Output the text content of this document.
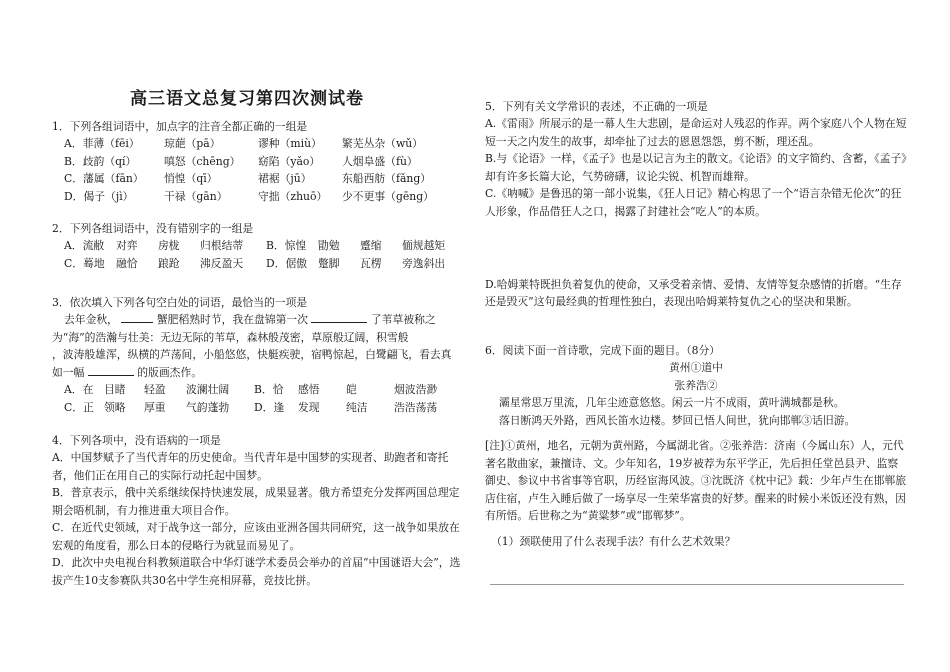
高三语文总复习第四次测试卷

1．下列各组词语中，加点字的注音全都正确的一组是

A．菲薄（fēi）	琼葩（pā）	谬种（miù）	繁芜丛杂（wǔ）
B．歧韵（qí）	嗔怒（chēng）	窈陷（yǎo）	人烟阜盛（fù）
C．藩属（fān）	悄惶（qī）	裙裾（jū）	东船西舫（fǎng）
D．偈子（jì）	干禄（gān）	守拙（zhuō）	少不更事（gēng）

2．下列各组词语中，没有错别字的一组是

A．流敝	对弈	房栊	归根结蒂	B．惊惶	勖勉	蹙缩	偭规越矩
C．蓦地	融恰	踉跄	沸反盈天	D．倨傲	蹩脚	瓦楞	旁逸斜出

3．依次填入下列各句空白处的词语，最恰当的一项是

去年金秋，	蟹肥稻熟时节，我在盘锦第一次	了苇草被称之

为“海”的浩瀚与壮美：无边无际的苇草，森林般茂密，草原般辽阔，积雪般

，波涛般雄浑，纵横的芦荡间，小船悠悠，快艇疾驶，宿鸭惊起，白鹭翩飞，看去真

如一幅	的版画杰作。

A．在 目睹	轻盈	波澜壮阔	B．恰	感悟	皑	烟波浩渺
C．正 领略	厚重	气韵蓬勃	D．逢	发现	纯洁	浩浩荡荡

4．下列各项中，没有语病的一项是

A．中国梦赋予了当代青年的历史使命。当代青年是中国梦的实现者、助跑者和寄托者，他们正在用自己的实际行动托起中国梦。

B．普京表示，俄中关系继续保持快速发展，成果显著。俄方希望充分发挥两国总理定期会晤机制，有力推进重大项目合作。

C．在近代史领域，对于战争这一部分，应该由亚洲各国共同研究，这一战争如果放在宏观的角度看，那么日本的侵略行为就显而易见了。

D．此次中央电视台科教频道联合中华灯谜学术委员会举办的首届“中国谜语大会”，选拔产生10支参赛队共30名中学生亮相屏幕，竞技比拼。

5．下列有关文学常识的表述，不正确的一项是

A.《雷雨》所展示的是一幕人生大悲剧，是命运对人残忍的作弄。两个家庭八个人物在短短一天之内发生的故事，却牵扯了过去的恩恩怨怨，剪不断，理还乱。

B.与《论语》一样，《孟子》也是以记言为主的散文。《论语》的文字简约、含蓄，《孟子》却有许多长篇大论，气势磅礴，议论尖锐、机智而雄辩。

C.《呐喊》是鲁迅的第一部小说集，《狂人日记》精心构思了一个“语言杂错无伦次”的狂人形象，作品借狂人之口，揭露了封建社会“吃人”的本质。

D.哈姆莱特既担负着复仇的使命，又承受着亲情、爱情、友情等复杂感情的折磨。“生存还是毁灭”这句最经典的哲理性独白，表现出哈姆莱特复仇之心的坚决和果断。

6．阅读下面一首诗歌，完成下面的题目。（8分）

黄州①道中

张养浩②

灞星常思万里流，几年尘迹意悠悠。闲云一片不成雨，黄叶满城都是秋。

落日断鸿天外路，西风长笛水边楼。梦回已悟人间世，犹向邯郸③话旧游。

[注]①黄州，地名，元朝为黄州路，今属湖北省。②张养浩：济南（今属山东）人，元代著名散曲家，兼擅诗、文。少年知名，19岁被荐为东平学正，先后担任堂邑县尹、监察御史、参议中书省事等官职，历经宦海风波。③沈既济《枕中记》载：少年卢生在邯郸旅店住宿，卢生入睡后做了一场享尽一生荣华富贵的好梦。醒来的时候小米饭还没有熟，因有所悟。后世称之为“黄粱梦”或“邯郸梦”。

（1）颈联使用了什么表现手法？有什么艺术效果？
